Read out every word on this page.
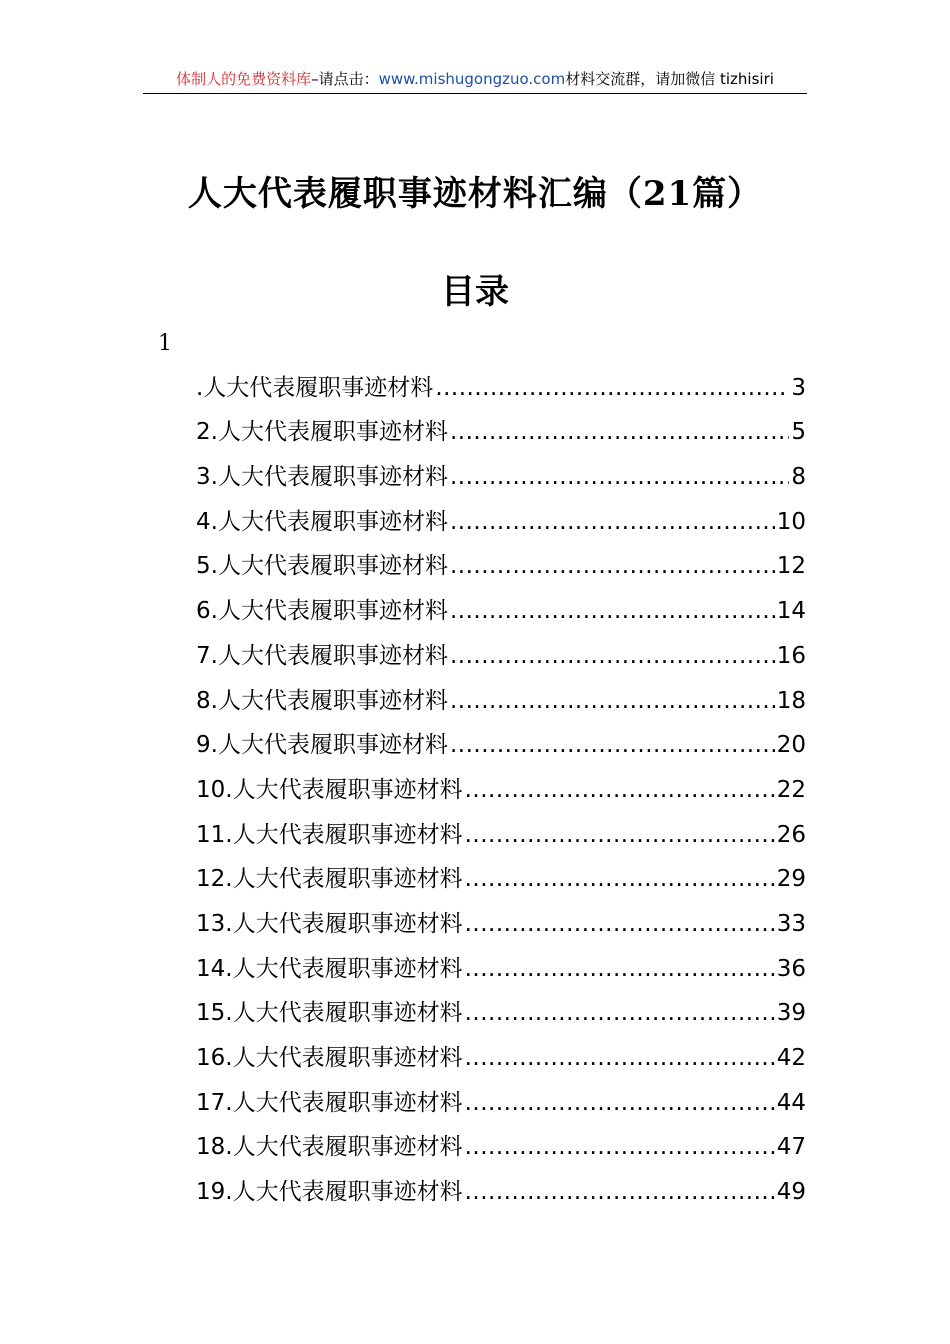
体制人的免费资料库–请点击：www.mishugongzuo.com材料交流群，请加微信 tizhisiri
人大代表履职事迹材料汇编（21篇）
目录
1
.人大代表履职事迹材料 .....	3
2.人大代表履职事迹材料 .....	5
3.人大代表履职事迹材料 .....	8
4.人大代表履职事迹材料 .....	10
5.人大代表履职事迹材料 .....	12
6.人大代表履职事迹材料 .....	14
7.人大代表履职事迹材料 .....	16
8.人大代表履职事迹材料 .....	18
9.人大代表履职事迹材料 .....	20
10.人大代表履职事迹材料 .....	22
11.人大代表履职事迹材料 .....	26
12.人大代表履职事迹材料 .....	29
13.人大代表履职事迹材料 .....	33
14.人大代表履职事迹材料 .....	36
15.人大代表履职事迹材料 .....	39
16.人大代表履职事迹材料 .....	42
17.人大代表履职事迹材料 .....	44
18.人大代表履职事迹材料 .....	47
19.人大代表履职事迹材料 .....	49
